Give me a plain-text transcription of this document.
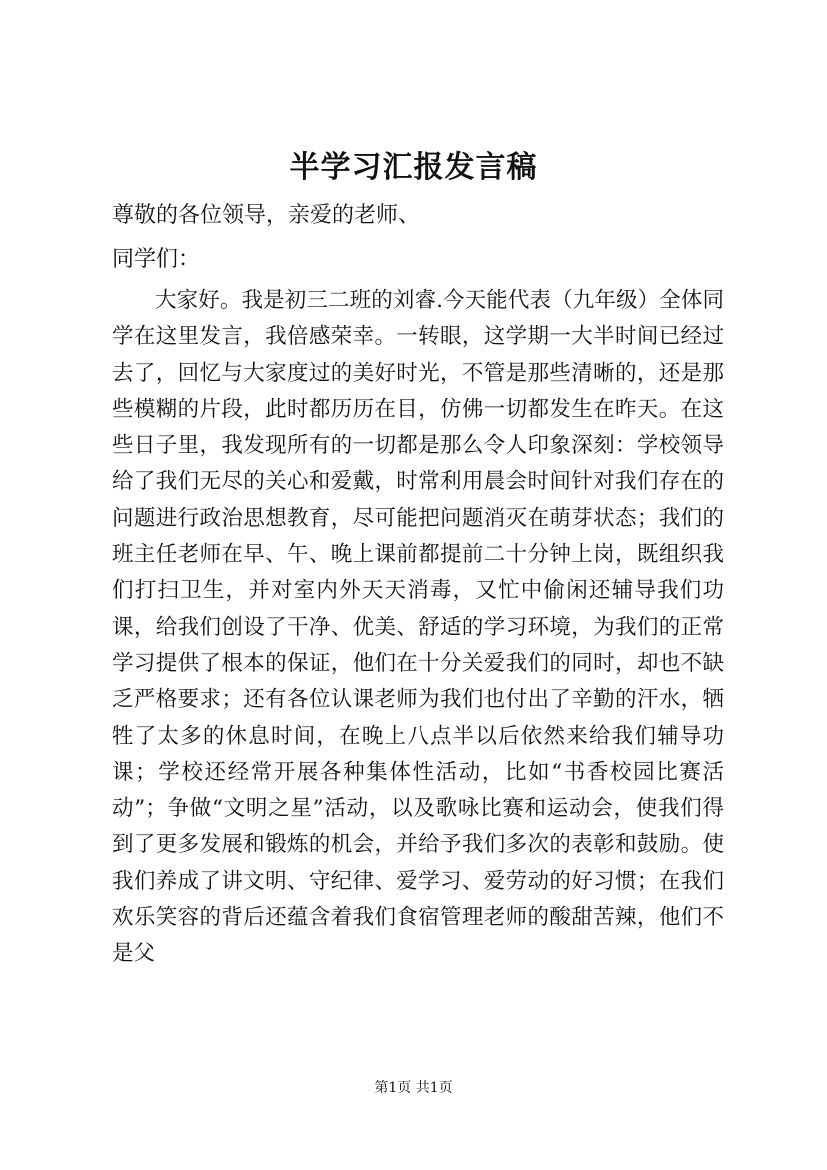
半学习汇报发言稿
尊敬的各位领导，亲爱的老师、
同学们：
大家好。我是初三二班的刘睿.今天能代表（九年级）全体同学在这里发言，我倍感荣幸。一转眼，这学期一大半时间已经过去了，回忆与大家度过的美好时光，不管是那些清晰的，还是那些模糊的片段，此时都历历在目，仿佛一切都发生在昨天。在这些日子里，我发现所有的一切都是那么令人印象深刻：学校领导给了我们无尽的关心和爱戴，时常利用晨会时间针对我们存在的问题进行政治思想教育，尽可能把问题消灭在萌芽状态；我们的班主任老师在早、午、晚上课前都提前二十分钟上岗，既组织我们打扫卫生，并对室内外天天消毒，又忙中偷闲还辅导我们功课，给我们创设了干净、优美、舒适的学习环境，为我们的正常学习提供了根本的保证，他们在十分关爱我们的同时，却也不缺乏严格要求；还有各位认课老师为我们也付出了辛勤的汗水，牺牲了太多的休息时间，在晚上八点半以后依然来给我们辅导功课；学校还经常开展各种集体性活动，比如“书香校园比赛活动”；争做“文明之星”活动，以及歌咏比赛和运动会，使我们得到了更多发展和锻炼的机会，并给予我们多次的表彰和鼓励。使我们养成了讲文明、守纪律、爱学习、爱劳动的好习惯；在我们欢乐笑容的背后还蕴含着我们食宿管理老师的酸甜苦辣，他们不是父
第1页 共1页
